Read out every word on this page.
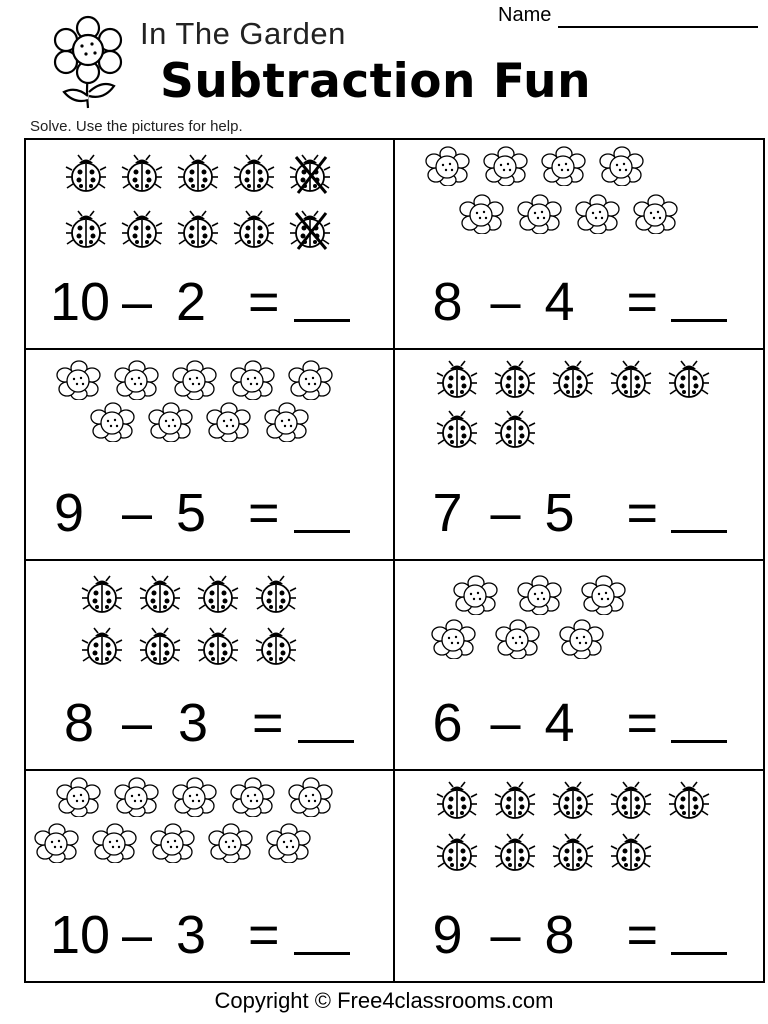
In The Garden
Subtraction Fun
Name
Solve. Use the pictures for help.
10 – 2 =	8 – 4 =
9 – 5 =	7 – 5 =
8 – 3 =	6 – 4 =
10 – 3 =	9 – 8 =
Copyright © Free4classrooms.com
